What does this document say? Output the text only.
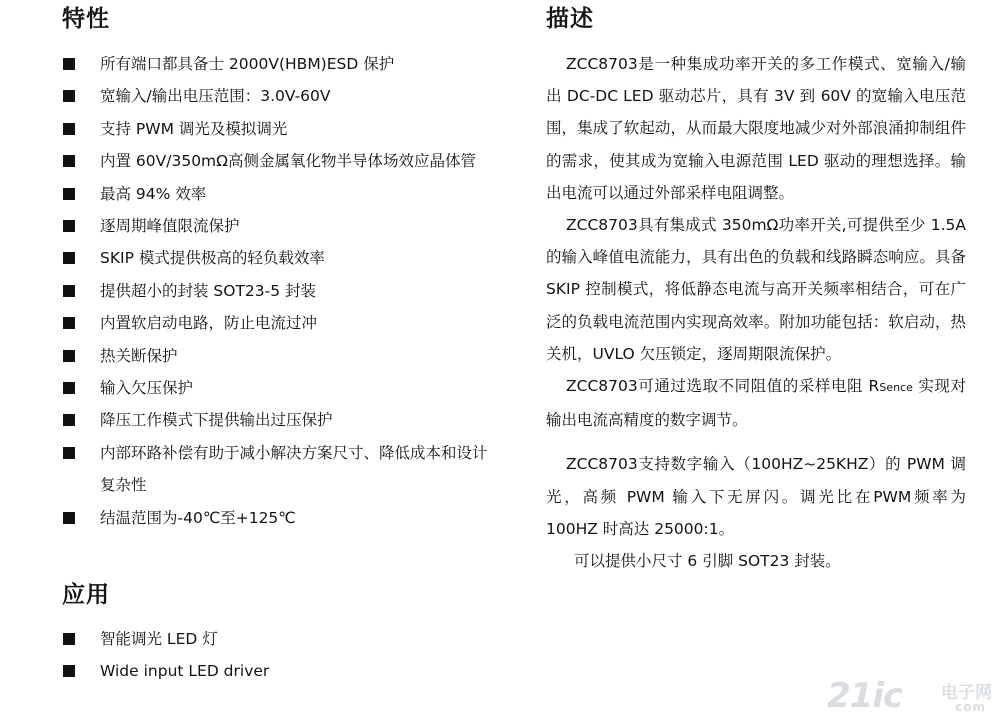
特性
所有端口都具备士 2000V(HBM)ESD 保护
宽输入/输出电压范围：3.0V-60V
支持 PWM 调光及模拟调光
内置 60V/350mΩ高侧金属氧化物半导体场效应晶体管
最高 94% 效率
逐周期峰值限流保护
SKIP 模式提供极高的轻负载效率
提供超小的封装 SOT23-5 封装
内置软启动电路，防止电流过冲
热关断保护
输入欠压保护
降压工作模式下提供输出过压保护
内部环路补偿有助于减小解决方案尺寸、降低成本和设计复杂性
结温范围为-40℃至+125℃
应用
智能调光 LED 灯
Wide input LED driver
描述

ZCC8703是一种集成功率开关的多工作模式、宽输入/输出 DC-DC LED 驱动芯片，具有 3V 到 60V 的宽输入电压范围，集成了软起动，从而最大限度地减少对外部浪涌抑制组件的需求，使其成为宽输入电源范围 LED 驱动的理想选择。输出电流可以通过外部采样电阻调整。

ZCC8703具有集成式 350mΩ功率开关,可提供至少 1.5A 的输入峰值电流能力，具有出色的负载和线路瞬态响应。具备 SKIP 控制模式，将低静态电流与高开关频率相结合，可在广泛的负载电流范围内实现高效率。附加功能包括：软启动，热关机，UVLO 欠压锁定，逐周期限流保护。

ZCC8703可通过选取不同阻值的采样电阻 RSence 实现对输出电流高精度的数字调节。

ZCC8703支持数字输入（100HZ~25KHZ）的 PWM 调光，高频 PWM 输入下无屏闪。调光比在PWM频率为 100HZ 时高达 25000:1。

可以提供小尺寸 6 引脚 SOT23 封装。

21ic 电子网
com
